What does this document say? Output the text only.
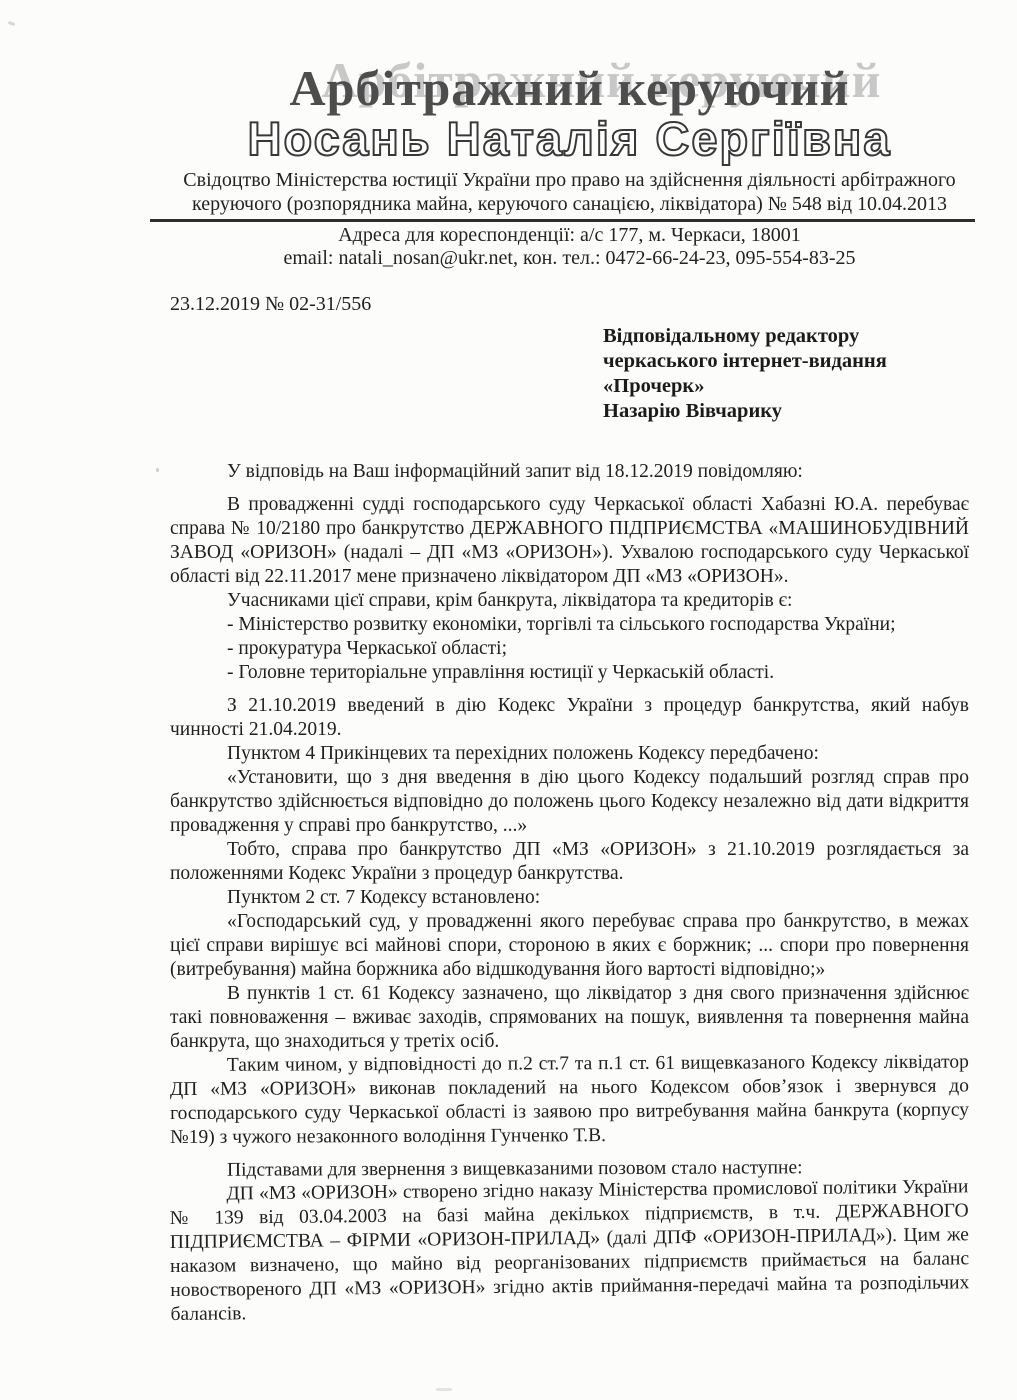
Арбітражний керуючий
Носань Наталія Сергіївна
Свідоцтво Міністерства юстиції України про право на здійснення діяльності арбітражного
керуючого (розпорядника майна, керуючого санацією, ліквідатора) № 548 від 10.04.2013
Адреса для кореспонденції: а/с 177, м. Черкаси, 18001
email: natali_nosan@ukr.net, кон. тел.: 0472-66-24-23, 095-554-83-25
23.12.2019 № 02-31/556
Відповідальному редактору
черкаського інтернет-видання
«Прочерк»
Назарію Вівчарику

У відповідь на Ваш інформаційний запит від 18.12.2019 повідомляю:

В провадженні судді господарського суду Черкаської області Хабазні Ю.А. перебуває справа № 10/2180 про банкрутство ДЕРЖАВНОГО ПІДПРИЄМСТВА «МАШИНОБУДІВНИЙ ЗАВОД «ОРИЗОН» (надалі – ДП «МЗ «ОРИЗОН»). Ухвалою господарського суду Черкаської області від 22.11.2017 мене призначено ліквідатором ДП «МЗ «ОРИЗОН».

Учасниками цієї справи, крім банкрута, ліквідатора та кредиторів є:

- Міністерство розвитку економіки, торгівлі та сільського господарства України;

- прокуратура Черкаської області;

- Головне територіальне управління юстиції у Черкаській області.

З 21.10.2019 введений в дію Кодекс України з процедур банкрутства, який набув чинності 21.04.2019.

Пунктом 4 Прикінцевих та перехідних положень Кодексу передбачено:

«Установити, що з дня введення в дію цього Кодексу подальший розгляд справ про банкрутство здійснюється відповідно до положень цього Кодексу незалежно від дати відкриття провадження у справі про банкрутство, ...»

Тобто, справа про банкрутство ДП «МЗ «ОРИЗОН» з 21.10.2019 розглядається за положеннями Кодекс України з процедур банкрутства.

Пунктом 2 ст. 7 Кодексу встановлено:

«Господарський суд, у провадженні якого перебуває справа про банкрутство, в межах цієї справи вирішує всі майнові спори, стороною в яких є боржник; ... спори про повернення (витребування) майна боржника або відшкодування його вартості відповідно;»

В пунктів 1 ст. 61 Кодексу зазначено, що ліквідатор з дня свого призначення здійснює такі повноваження – вживає заходів, спрямованих на пошук, виявлення та повернення майна банкрута, що знаходиться у третіх осіб.

Таким чином, у відповідності до п.2 ст.7 та п.1 ст. 61 вищевказаного Кодексу ліквідатор ДП «МЗ «ОРИЗОН» виконав покладений на нього Кодексом обов’язок і звернувся до господарського суду Черкаської області із заявою про витребування майна банкрута (корпусу №19) з чужого незаконного володіння Гунченко Т.В.

Підставами для звернення з вищевказаними позовом стало наступне:

ДП «МЗ «ОРИЗОН» створено згідно наказу Міністерства промислової політики України № 139 від 03.04.2003 на базі майна декількох підприємств, в т.ч. ДЕРЖАВНОГО ПІДПРИЄМСТВА – ФІРМИ «ОРИЗОН-ПРИЛАД» (далі ДПФ «ОРИЗОН-ПРИЛАД»). Цим же наказом визначено, що майно від реорганізованих підприємств приймається на баланс новоствореного ДП «МЗ «ОРИЗОН» згідно актів приймання-передачі майна та розподільчих балансів.
